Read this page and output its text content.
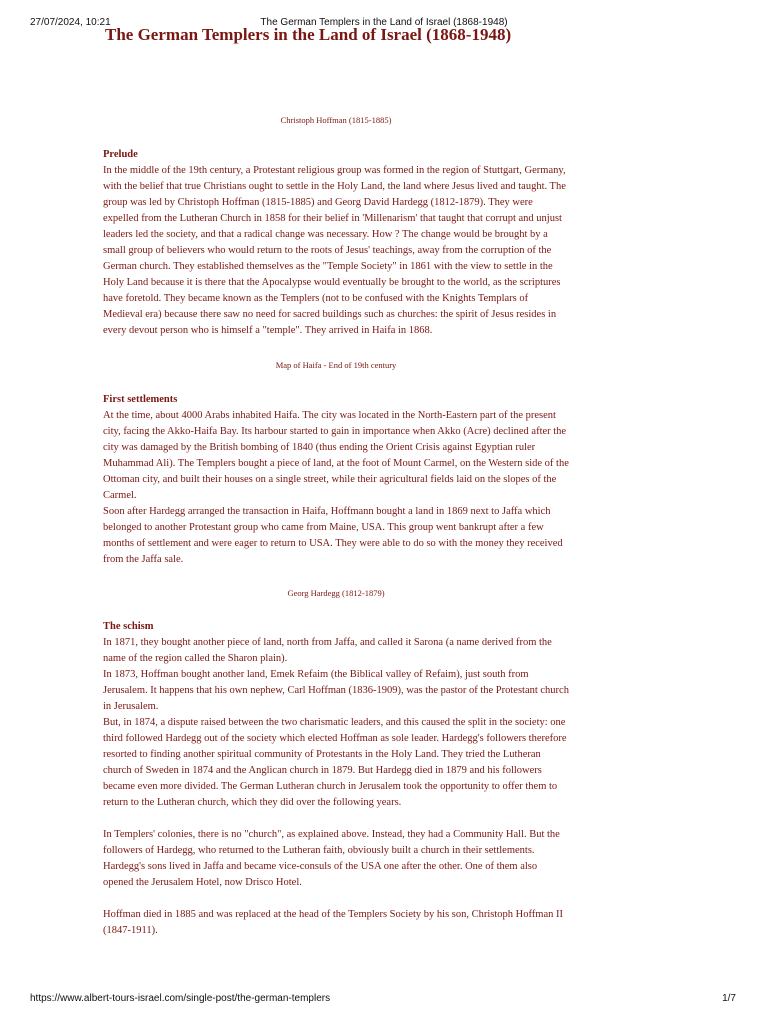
27/07/2024, 10:21	The German Templers in the Land of Israel (1868-1948)
The German Templers in the Land of Israel (1868-1948)
Christoph Hoffman (1815-1885)

Prelude

In the middle of the 19th century, a Protestant religious group was formed in the region of Stuttgart, Germany, with the belief that true Christians ought to settle in the Holy Land, the land where Jesus lived and taught. The group was led by Christoph Hoffman (1815-1885) and Georg David Hardegg (1812-1879). They were expelled from the Lutheran Church in 1858 for their belief in 'Millenarism' that taught that corrupt and unjust leaders led the society, and that a radical change was necessary. How ? The change would be brought by a small group of believers who would return to the roots of Jesus' teachings, away from the corruption of the German church. They established themselves as the "Temple Society" in 1861 with the view to settle in the Holy Land because it is there that the Apocalypse would eventually be brought to the world, as the scriptures have foretold. They became known as the Templers (not to be confused with the Knights Templars of Medieval era) because there saw no need for sacred buildings such as churches: the spirit of Jesus resides in every devout person who is himself a "temple". They arrived in Haifa in 1868.

Map of Haifa - End of 19th century

First settlements

At the time, about 4000 Arabs inhabited Haifa. The city was located in the North-Eastern part of the present city, facing the Akko-Haifa Bay. Its harbour started to gain in importance when Akko (Acre) declined after the city was damaged by the British bombing of 1840 (thus ending the Orient Crisis against Egyptian ruler Muhammad Ali). The Templers bought a piece of land, at the foot of Mount Carmel, on the Western side of the Ottoman city, and built their houses on a single street, while their agricultural fields laid on the slopes of the Carmel.

Soon after Hardegg arranged the transaction in Haifa, Hoffmann bought a land in 1869 next to Jaffa which belonged to another Protestant group who came from Maine, USA. This group went bankrupt after a few months of settlement and were eager to return to USA. They were able to do so with the money they received from the Jaffa sale.

Georg Hardegg (1812-1879)

The schism

In 1871, they bought another piece of land, north from Jaffa, and called it Sarona (a name derived from the name of the region called the Sharon plain).

In 1873, Hoffman bought another land, Emek Refaim (the Biblical valley of Refaim), just south from Jerusalem. It happens that his own nephew, Carl Hoffman (1836-1909), was the pastor of the Protestant church in Jerusalem.

But, in 1874, a dispute raised between the two charismatic leaders, and this caused the split in the society: one third followed Hardegg out of the society which elected Hoffman as sole leader. Hardegg's followers therefore resorted to finding another spiritual community of Protestants in the Holy Land. They tried the Lutheran church of Sweden in 1874 and the Anglican church in 1879. But Hardegg died in 1879 and his followers became even more divided. The German Lutheran church in Jerusalem took the opportunity to offer them to return to the Lutheran church, which they did over the following years.

In Templers' colonies, there is no "church", as explained above. Instead, they had a Community Hall. But the followers of Hardegg, who returned to the Lutheran faith, obviously built a church in their settlements. Hardegg's sons lived in Jaffa and became vice-consuls of the USA one after the other. One of them also opened the Jerusalem Hotel, now Drisco Hotel.

Hoffman died in 1885 and was replaced at the head of the Templers Society by his son, Christoph Hoffman II (1847-1911).

https://www.albert-tours-israel.com/single-post/the-german-templers	1/7
